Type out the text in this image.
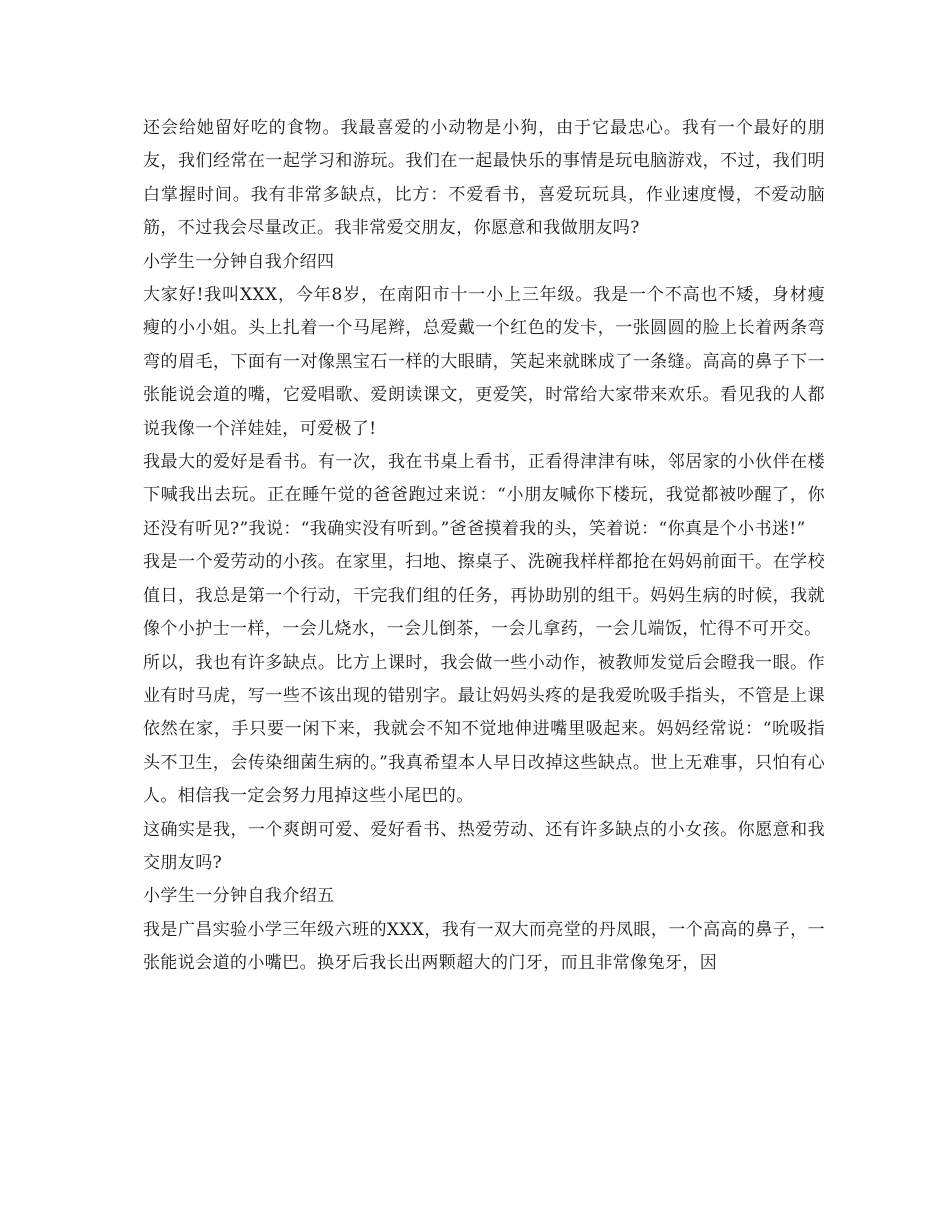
还会给她留好吃的食物。我最喜爱的小动物是小狗，由于它最忠心。我有一个最好的朋友，我们经常在一起学习和游玩。我们在一起最快乐的事情是玩电脑游戏，不过，我们明白掌握时间。我有非常多缺点，比方：不爱看书，喜爱玩玩具，作业速度慢，不爱动脑筋，不过我会尽量改正。我非常爱交朋友，你愿意和我做朋友吗?

小学生一分钟自我介绍四

大家好!我叫XXX，今年8岁，在南阳市十一小上三年级。我是一个不高也不矮，身材瘦瘦的小小姐。头上扎着一个马尾辫，总爱戴一个红色的发卡，一张圆圆的脸上长着两条弯弯的眉毛，下面有一对像黑宝石一样的大眼睛，笑起来就眯成了一条缝。高高的鼻子下一张能说会道的嘴，它爱唱歌、爱朗读课文，更爱笑，时常给大家带来欢乐。看见我的人都说我像一个洋娃娃，可爱极了!

我最大的爱好是看书。有一次，我在书桌上看书，正看得津津有味，邻居家的小伙伴在楼下喊我出去玩。正在睡午觉的爸爸跑过来说：“小朋友喊你下楼玩，我觉都被吵醒了，你还没有听见?”我说：“我确实没有听到。”爸爸摸着我的头，笑着说：“你真是个小书迷!”

我是一个爱劳动的小孩。在家里，扫地、擦桌子、洗碗我样样都抢在妈妈前面干。在学校值日，我总是第一个行动，干完我们组的任务，再协助别的组干。妈妈生病的时候，我就像个小护士一样，一会儿烧水，一会儿倒茶，一会儿拿药，一会儿端饭，忙得不可开交。

所以，我也有许多缺点。比方上课时，我会做一些小动作，被教师发觉后会瞪我一眼。作业有时马虎，写一些不该出现的错别字。最让妈妈头疼的是我爱吮吸手指头，不管是上课依然在家，手只要一闲下来，我就会不知不觉地伸进嘴里吸起来。妈妈经常说：“吮吸指头不卫生，会传染细菌生病的。”我真希望本人早日改掉这些缺点。世上无难事，只怕有心人。相信我一定会努力甩掉这些小尾巴的。

这确实是我，一个爽朗可爱、爱好看书、热爱劳动、还有许多缺点的小女孩。你愿意和我交朋友吗?

小学生一分钟自我介绍五

我是广昌实验小学三年级六班的XXX，我有一双大而亮堂的丹凤眼，一个高高的鼻子，一张能说会道的小嘴巴。换牙后我长出两颗超大的门牙，而且非常像兔牙，因
